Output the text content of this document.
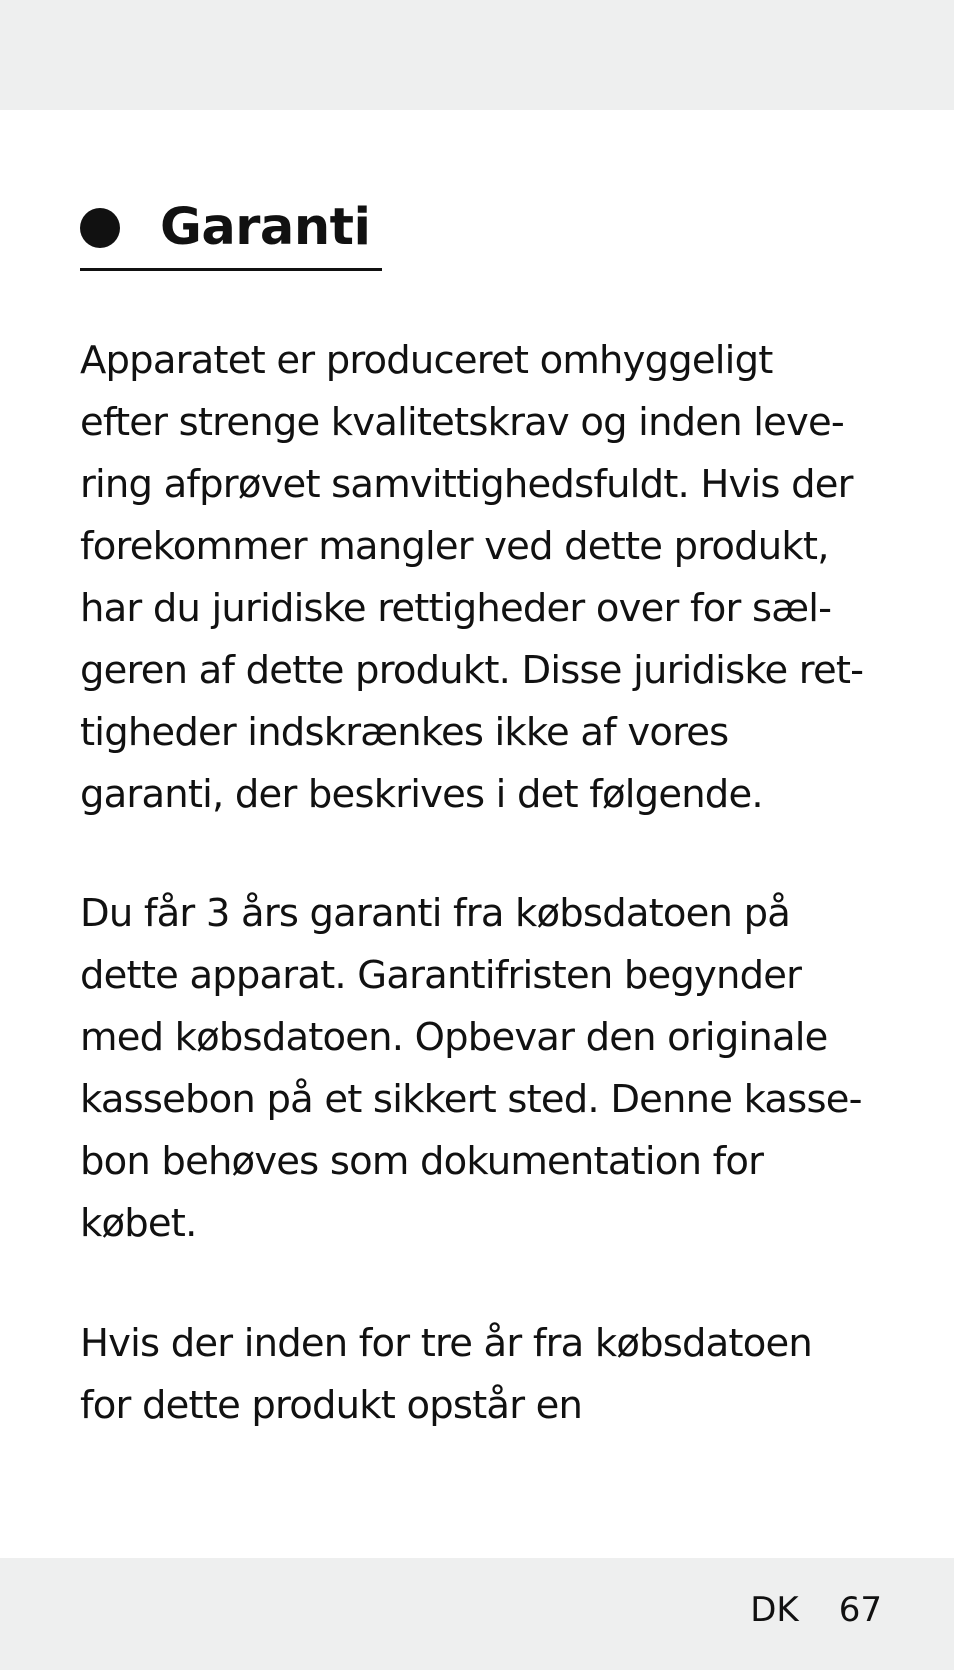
Garanti

Apparatet er produceret omhyggeligt
efter strenge kvalitetskrav og inden leve-
ring afprøvet samvittighedsfuldt. Hvis der
forekommer mangler ved dette produkt,
har du juridiske rettigheder over for sæl-
geren af dette produkt. Disse juridiske ret-
tigheder indskrænkes ikke af vores
garanti, der beskrives i det følgende.

Du får 3 års garanti fra købsdatoen på
dette apparat. Garantifristen begynder
med købsdatoen. Opbevar den originale
kassebon på et sikkert sted. Denne kasse-
bon behøves som dokumentation for
købet.

Hvis der inden for tre år fra købsdatoen
for dette produkt opstår en

DK 67
